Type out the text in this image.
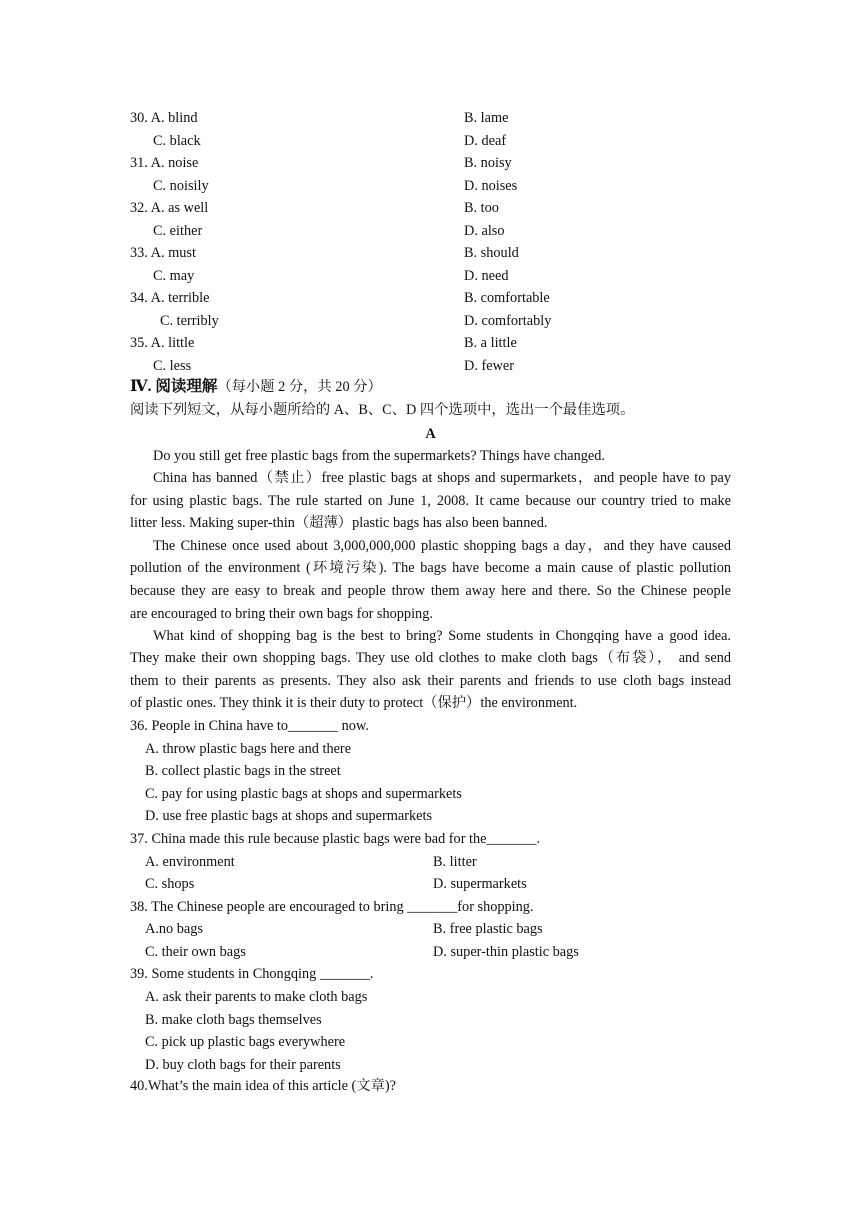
30. A. blind	B. lame
C. black	D. deaf
31. A. noise	B. noisy
C. noisily	D. noises
32. A. as well	B. too
C. either	D. also
33. A. must	B. should
C. may	D. need
34. A. terrible	B. comfortable
C. terribly	D. comfortably
35. A. little	B. a little
C. less	D. fewer
Ⅳ. 阅读理解（每小题 2 分，共 20 分）
阅读下列短文，从每小题所给的 A、B、C、D 四个选项中，选出一个最佳选项。
A
Do you still get free plastic bags from the supermarkets? Things have changed.
China has banned（禁止）free plastic bags at shops and supermarkets，and people have to pay
for using plastic bags. The rule started on June 1, 2008. It came because our country tried to make
litter less. Making super-thin（超薄）plastic bags has also been banned.
The Chinese once used about 3,000,000,000 plastic shopping bags a day，and they have caused
pollution of the environment (环境污染). The bags have become a main cause of plastic pollution
because they are easy to break and people throw them away here and there. So the Chinese people
are encouraged to bring their own bags for shopping.
What kind of shopping bag is the best to bring? Some students in Chongqing have a good idea.
They make their own shopping bags. They use old clothes to make cloth bags（布袋）， and send
them to their parents as presents. They also ask their parents and friends to use cloth bags instead
of plastic ones. They think it is their duty to protect（保护）the environment.
36. People in China have to_______ now.
A. throw plastic bags here and there
B. collect plastic bags in the street
C. pay for using plastic bags at shops and supermarkets
D. use free plastic bags at shops and supermarkets
37. China made this rule because plastic bags were bad for the_______.
A. environment	B. litter
C. shops	D. supermarkets
38. The Chinese people are encouraged to bring _______for shopping.
A.no bags	B. free plastic bags
C. their own bags	D. super-thin plastic bags
39. Some students in Chongqing _______.
A. ask their parents to make cloth bags
B. make cloth bags themselves
C. pick up plastic bags everywhere
D. buy cloth bags for their parents
40.What’s the main idea of this article (文章)?
